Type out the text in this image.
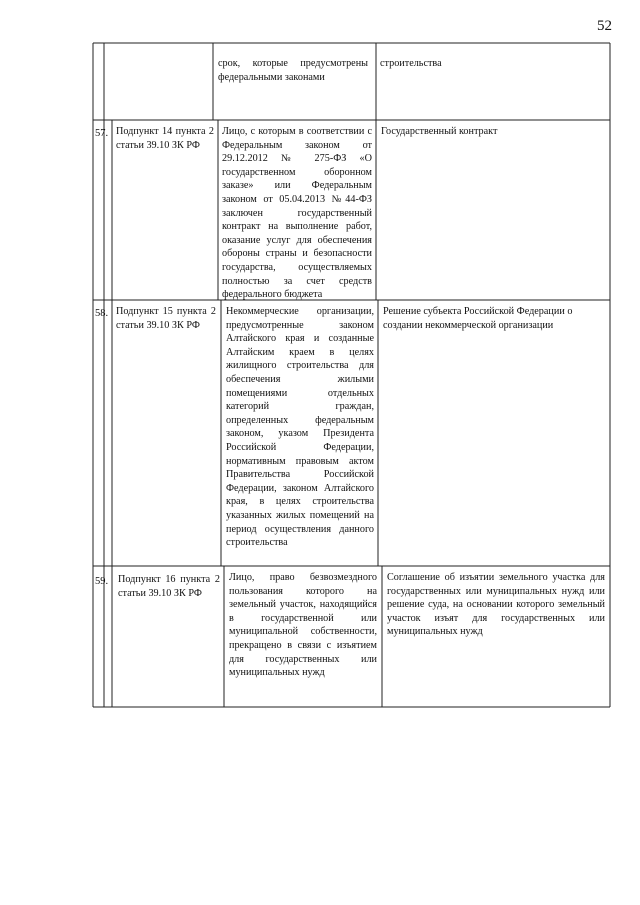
52
срок, которые предусмотрены федеральными законами
строительства
57. Подпункт 14 пункта 2 статьи 39.10 ЗК РФ
Лицо, с которым в соответствии с Федеральным законом от 29.12.2012 № 275-ФЗ «О государственном оборонном заказе» или Федеральным законом от 05.04.2013 №44-ФЗ заключен государственный контракт на выполнение работ, оказание услуг для обеспечения обороны страны и безопасности государства, осуществляемых полностью за счет средств федерального бюджета
Государственный контракт
58. Подпункт 15 пункта 2 статьи 39.10 ЗК РФ
Некоммерческие организации, предусмотренные законом Алтайского края и созданные Алтайским краем в целях жилищного строительства для обеспечения жилыми помещениями отдельных категорий граждан, определенных федеральным законом, указом Президента Российской Федерации, нормативным правовым актом Правительства Российской Федерации, законом Алтайского края, в целях строительства указанных жилых помещений на период осуществления данного строительства
Решение субъекта Российской Федерации о создании некоммерческой организации
59. Подпункт 16 пункта 2 статьи 39.10 ЗК РФ
Лицо, право безвозмездного пользования которого на земельный участок, находящийся в государственной или муниципальной собственности, прекращено в связи с изъятием для государственных или муниципальных нужд
Соглашение об изъятии земельного участка для государственных или муниципальных нужд или решение суда, на основании которого земельный участок изъят для государственных или муниципальных нужд
